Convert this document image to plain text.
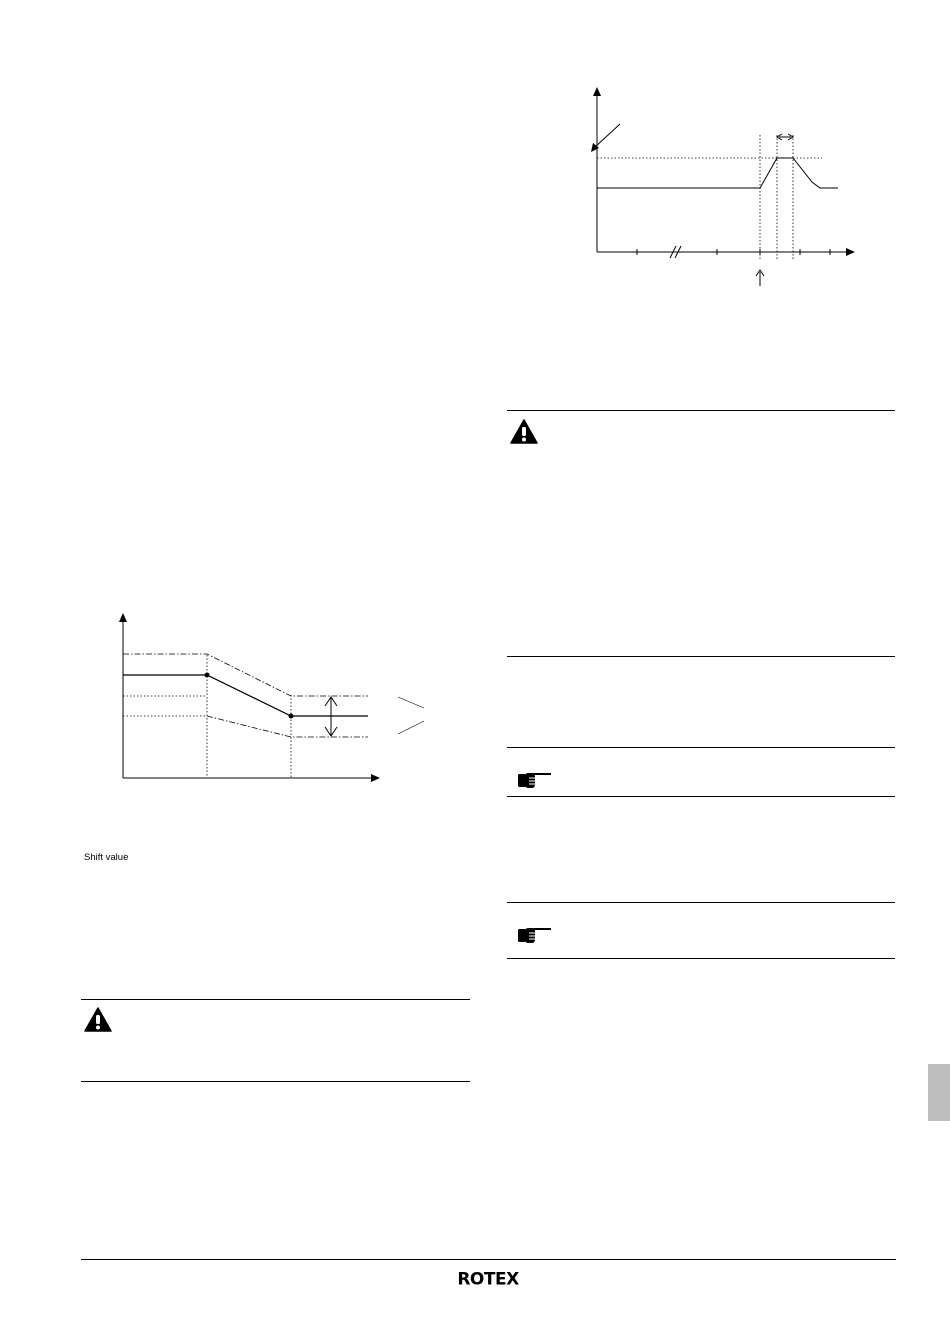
Shift value
ROTEX
